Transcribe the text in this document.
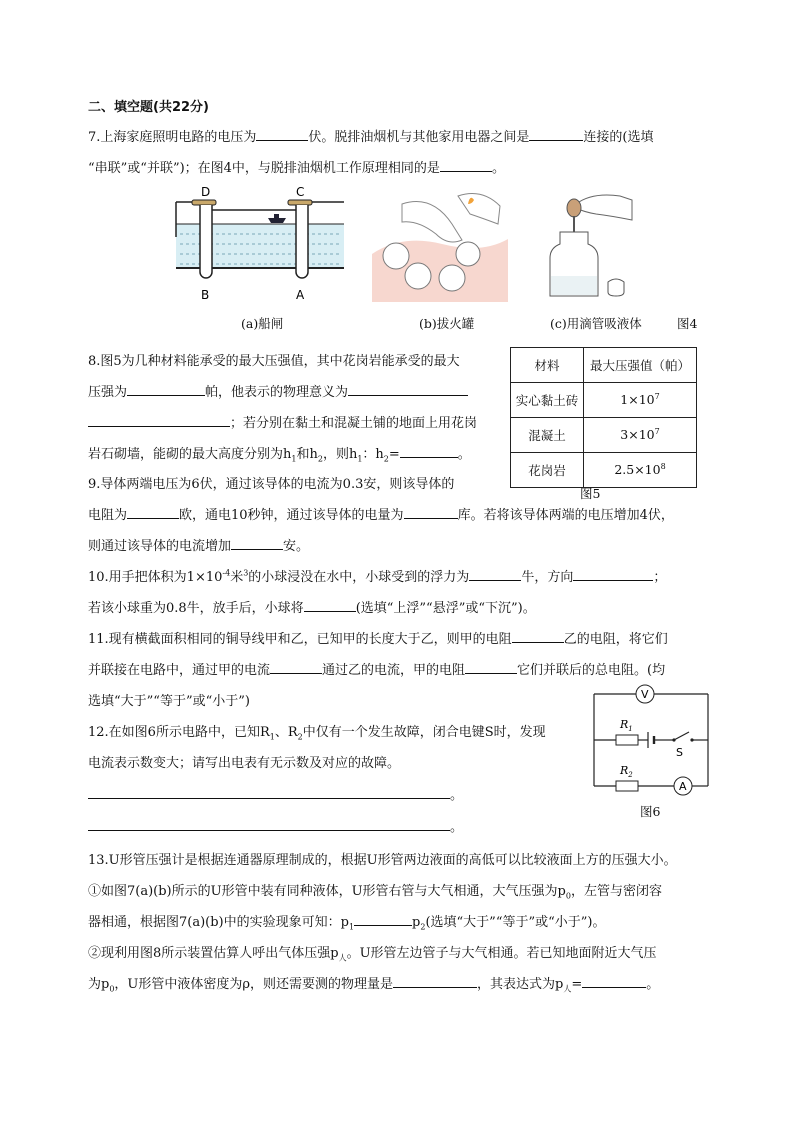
二、填空题(共22分)
7.上海家庭照明电路的电压为	伏。脱排油烟机与其他家用电器之间是	连接的(选填
“串联”或“并联”)；在图4中，与脱排油烟机工作原理相同的是	。
D	C
B	A
(a)船闸	(b)拔火罐	(c)用滴管吸液体	图4
8.图5为几种材料能承受的最大压强值，其中花岗岩能承受的最大
压强为	帕，他表示的物理意义为
；若分别在黏土和混凝土铺的地面上用花岗
岩石砌墙，能砌的最大高度分别为$h_1$和$h_2$，则$h_1$：$h_2=$	。
材料	最大压强值（帕）
实心黏土砖	$1\times 10^7$
混凝土	$3\times 10^7$
花岗岩	$2.5\times 10^8$
图5
9.导体两端电压为6伏，通过该导体的电流为0.3安，则该导体的
电阻为	欧，通电10秒钟，通过该导体的电量为	库。若将该导体两端的电压增加4伏，
则通过该导体的电流增加	安。
10.用手把体积为$1\times 10^{-4}$米$^3$的小球浸没在水中，小球受到的浮力为	牛，方向	；
若该小球重为0.8牛，放手后，小球将	(选填“上浮”“悬浮”或“下沉”)。
11.现有横截面积相同的铜导线甲和乙，已知甲的长度大于乙，则甲的电阻	乙的电阻，将它们
并联接在电路中，通过甲的电流	通过乙的电流，甲的电阻	它们并联后的总电阻。(均
选填“大于”“等于”或“小于”)
12.在如图6所示电路中，已知$R_1$、$R_2$中仅有一个发生故障，闭合电键S时，发现
电流表示数变大；请写出电表有无示数及对应的故障。
。
。
V
$R_1$
S
$R_2$
A
图6
13.U形管压强计是根据连通器原理制成的，根据U形管两边液面的高低可以比较液面上方的压强大小。
①如图7(a)(b)所示的U形管中装有同种液体，U形管右管与大气相通，大气压强为$p_0$，左管与密闭容
器相通，根据图7(a)(b)中的实验现象可知：$p_1$	$p_2$(选填“大于”“等于”或“小于”)。
②现利用图8所示装置估算人呼出气体压强$p_人$。U形管左边管子与大气相通。若已知地面附近大气压
为$p_0$，U形管中液体密度为ρ，则还需要测的物理量是	，其表达式为$p_人=$	。
